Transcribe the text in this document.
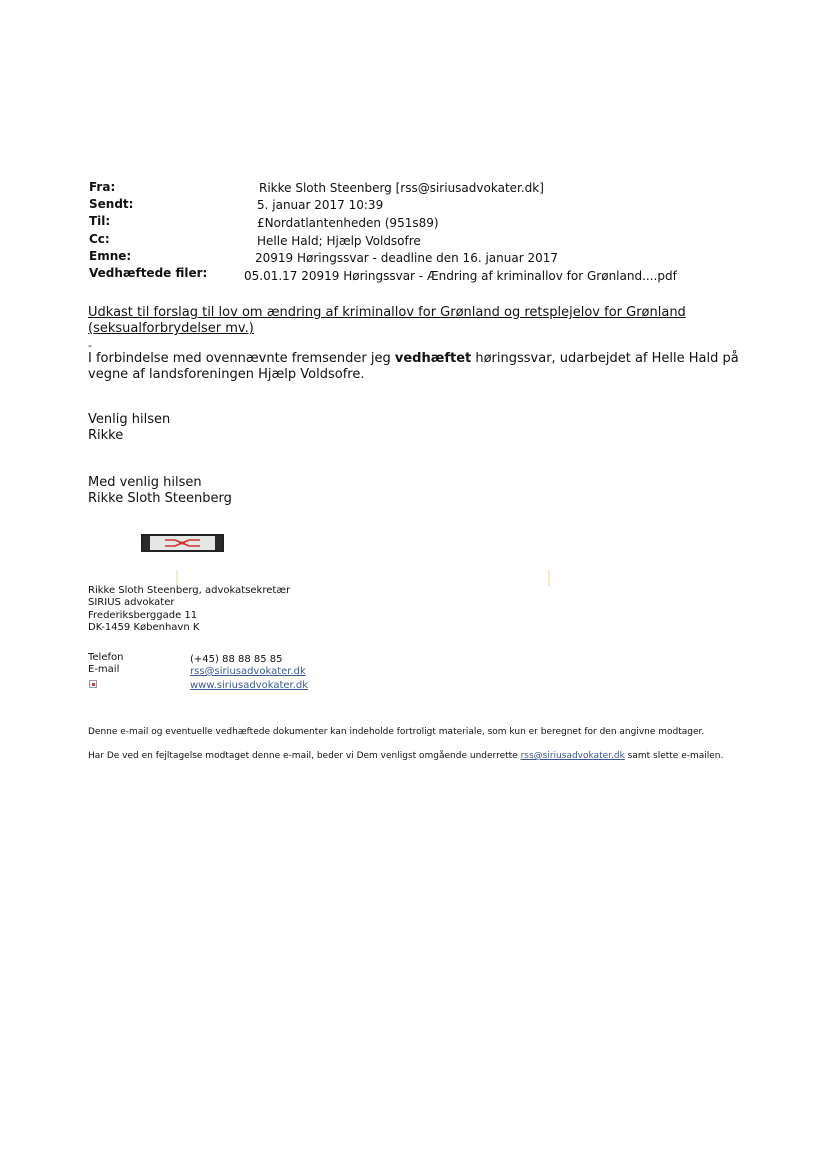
Fra:	Rikke Sloth Steenberg [rss@siriusadvokater.dk]
Sendt:	5. januar 2017 10:39
Til:	£Nordatlantenheden (951s89)
Cc:	Helle Hald; Hjælp Voldsofre
Emne:	20919 Høringssvar - deadline den 16. januar 2017
Vedhæftede filer:	05.01.17 20919 Høringssvar - Ændring af kriminallov for Grønland....pdf
Udkast til forslag til lov om ændring af kriminallov for Grønland og retsplejelov for Grønland (seksualforbrydelser mv.)
-
I forbindelse med ovennævnte fremsender jeg vedhæftet høringssvar, udarbejdet af Helle Hald på vegne af landsforeningen Hjælp Voldsofre.
Venlig hilsen
Rikke
Med venlig hilsen
Rikke Sloth Steenberg
Rikke Sloth Steenberg, advokatsekretær
SIRIUS advokater
Frederiksberggade 11
DK-1459 København K
Telefon	(+45) 88 88 85 85
E-mail	rss@siriusadvokater.dk
www.siriusadvokater.dk
Denne e-mail og eventuelle vedhæftede dokumenter kan indeholde fortroligt materiale, som kun er beregnet for den angivne modtager.
Har De ved en fejltagelse modtaget denne e-mail, beder vi Dem venligst omgående underrette rss@siriusadvokater.dk samt slette e-mailen.
